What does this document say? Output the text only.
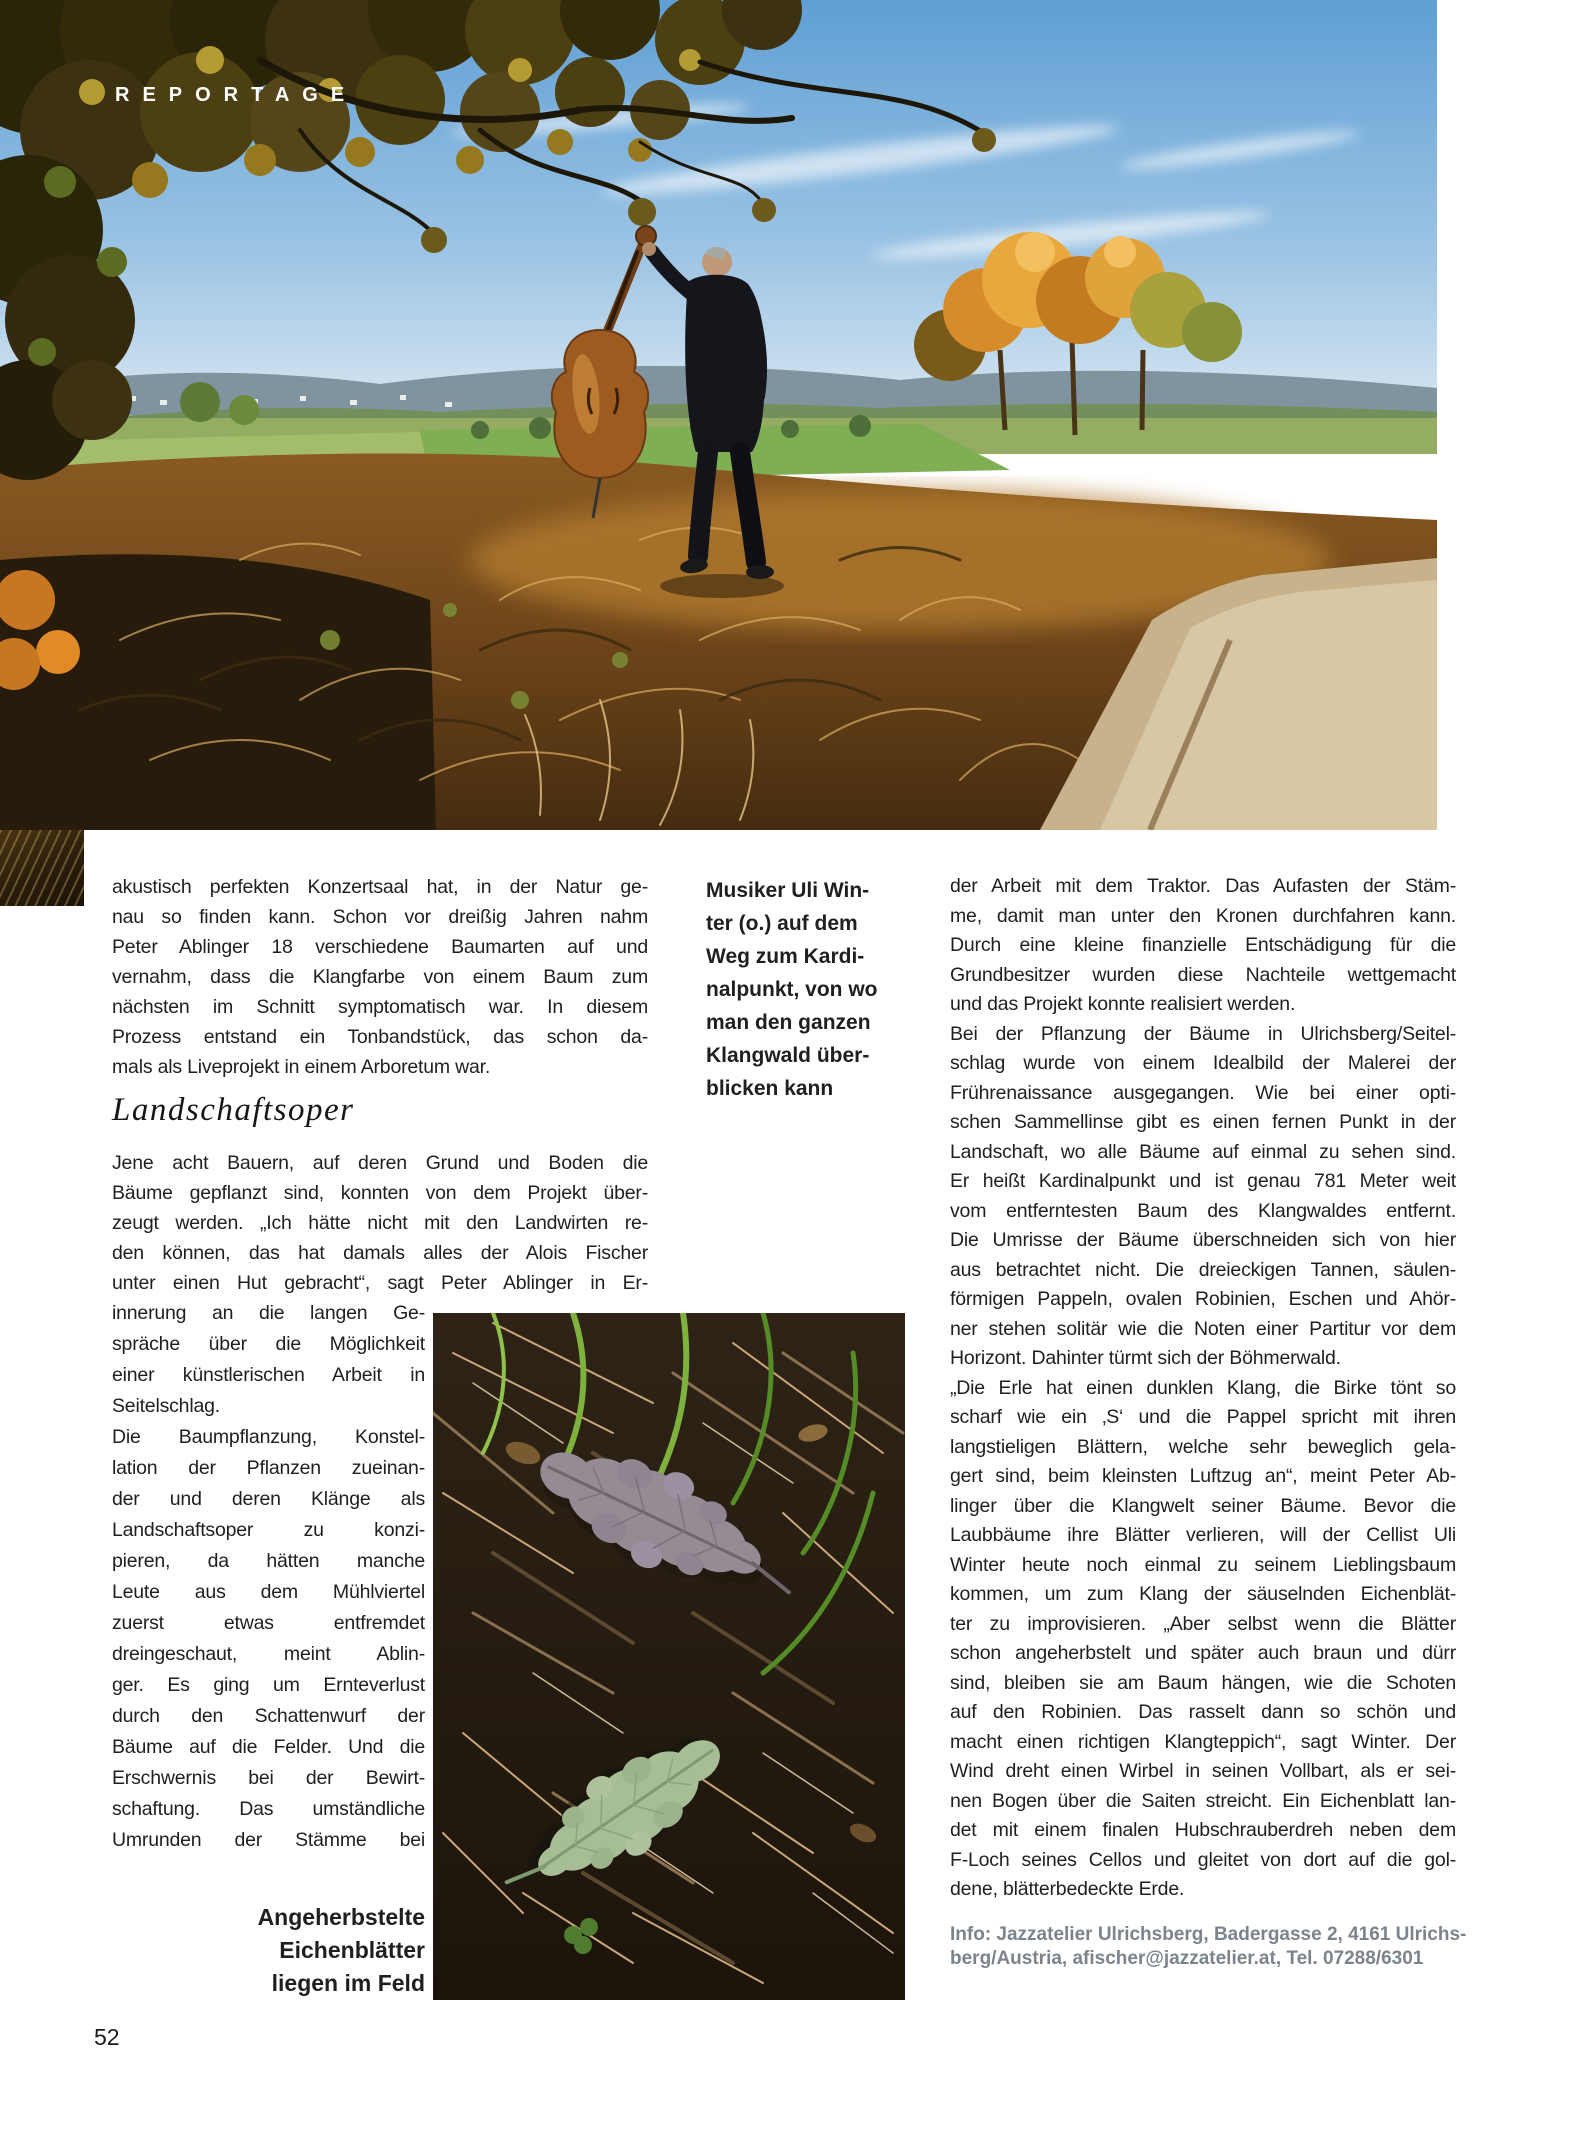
REPORTAGE
akustisch perfekten Konzertsaal hat, in der Natur ge-
nau so finden kann. Schon vor dreißig Jahren nahm
Peter Ablinger 18 verschiedene Baumarten auf und
vernahm, dass die Klangfarbe von einem Baum zum
nächsten im Schnitt symptomatisch war. In diesem
Prozess entstand ein Tonbandstück, das schon da-
mals als Liveprojekt in einem Arboretum war.
Landschaftsoper
Jene acht Bauern, auf deren Grund und Boden die
Bäume gepflanzt sind, konnten von dem Projekt über-
zeugt werden. „Ich hätte nicht mit den Landwirten re-
den können, das hat damals alles der Alois Fischer
unter einen Hut gebracht“, sagt Peter Ablinger in Er-
innerung an die langen Ge-
spräche über die Möglichkeit
einer künstlerischen Arbeit in
Seitelschlag.
Die Baumpflanzung, Konstel-
lation der Pflanzen zueinan-
der und deren Klänge als
Landschaftsoper zu konzi-
pieren, da hätten manche
Leute aus dem Mühlviertel
zuerst etwas entfremdet
dreingeschaut, meint Ablin-
ger. Es ging um Ernteverlust
durch den Schattenwurf der
Bäume auf die Felder. Und die
Erschwernis bei der Bewirt-
schaftung. Das umständliche
Umrunden der Stämme bei
Angeherbstelte
Eichenblätter
liegen im Feld
Musiker Uli Win-
ter (o.) auf dem
Weg zum Kardi-
nalpunkt, von wo
man den ganzen
Klangwald über-
blicken kann
der Arbeit mit dem Traktor. Das Aufasten der Stäm-
me, damit man unter den Kronen durchfahren kann.
Durch eine kleine finanzielle Entschädigung für die
Grundbesitzer wurden diese Nachteile wettgemacht
und das Projekt konnte realisiert werden.
Bei der Pflanzung der Bäume in Ulrichsberg/Seitel-
schlag wurde von einem Idealbild der Malerei der
Frührenaissance ausgegangen. Wie bei einer opti-
schen Sammellinse gibt es einen fernen Punkt in der
Landschaft, wo alle Bäume auf einmal zu sehen sind.
Er heißt Kardinalpunkt und ist genau 781 Meter weit
vom entferntesten Baum des Klangwaldes entfernt.
Die Umrisse der Bäume überschneiden sich von hier
aus betrachtet nicht. Die dreieckigen Tannen, säulen-
förmigen Pappeln, ovalen Robinien, Eschen und Ahör-
ner stehen solitär wie die Noten einer Partitur vor dem
Horizont. Dahinter türmt sich der Böhmerwald.
„Die Erle hat einen dunklen Klang, die Birke tönt so
scharf wie ein ‚S‘ und die Pappel spricht mit ihren
langstieligen Blättern, welche sehr beweglich gela-
gert sind, beim kleinsten Luftzug an“, meint Peter Ab-
linger über die Klangwelt seiner Bäume. Bevor die
Laubbäume ihre Blätter verlieren, will der Cellist Uli
Winter heute noch einmal zu seinem Lieblingsbaum
kommen, um zum Klang der säuselnden Eichenblät-
ter zu improvisieren. „Aber selbst wenn die Blätter
schon angeherbstelt und später auch braun und dürr
sind, bleiben sie am Baum hängen, wie die Schoten
auf den Robinien. Das rasselt dann so schön und
macht einen richtigen Klangteppich“, sagt Winter. Der
Wind dreht einen Wirbel in seinen Vollbart, als er sei-
nen Bogen über die Saiten streicht. Ein Eichenblatt lan-
det mit einem finalen Hubschrauberdreh neben dem
F-Loch seines Cellos und gleitet von dort auf die gol-
dene, blätterbedeckte Erde.
Info: Jazzatelier Ulrichsberg, Badergasse 2, 4161 Ulrichs-
berg/Austria, afischer@jazzatelier.at, Tel. 07288/6301
52
